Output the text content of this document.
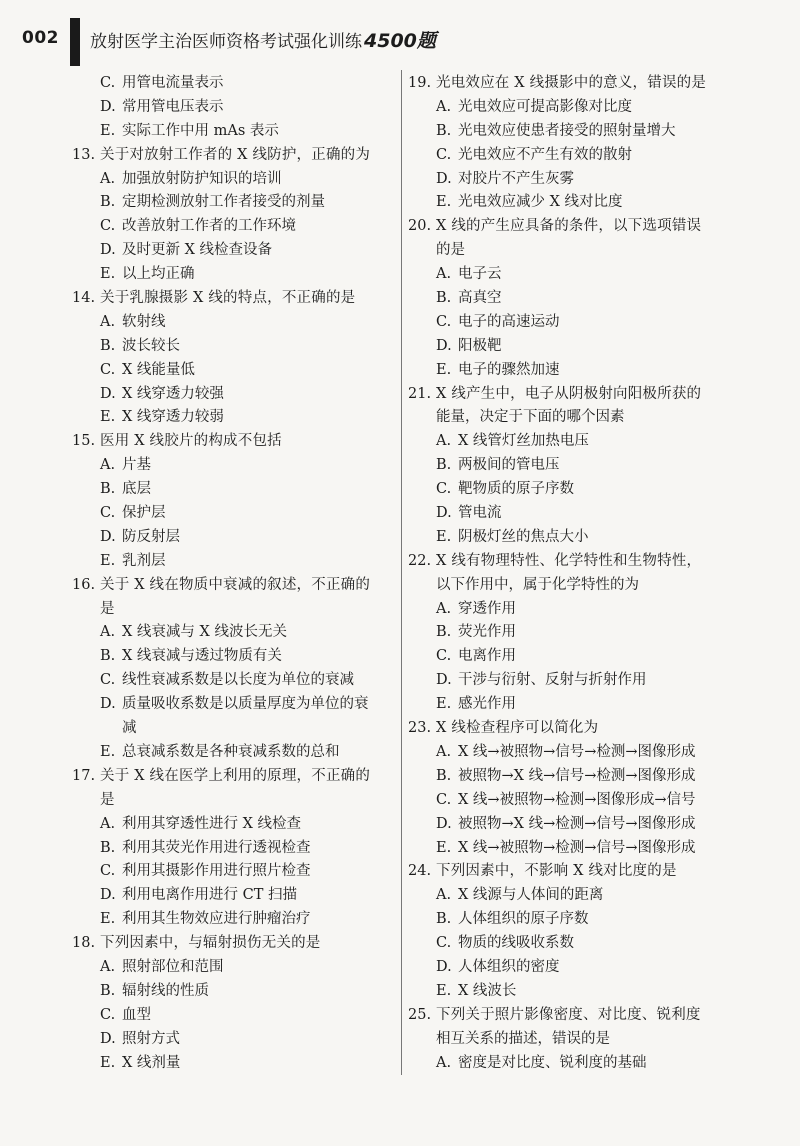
002 放射医学主治医师资格考试强化训练 4500题
C. 用管电流量表示
D. 常用管电压表示
E. 实际工作中用 mAs 表示
13. 关于对放射工作者的 X 线防护，正确的为
A. 加强放射防护知识的培训
B. 定期检测放射工作者接受的剂量
C. 改善放射工作者的工作环境
D. 及时更新 X 线检查设备
E. 以上均正确
14. 关于乳腺摄影 X 线的特点，不正确的是
A. 软射线
B. 波长较长
C. X 线能量低
D. X 线穿透力较强
E. X 线穿透力较弱
15. 医用 X 线胶片的构成不包括
A. 片基
B. 底层
C. 保护层
D. 防反射层
E. 乳剂层
16. 关于 X 线在物质中衰减的叙述，不正确的
是
A. X 线衰减与 X 线波长无关
B. X 线衰减与透过物质有关
C. 线性衰减系数是以长度为单位的衰减
D. 质量吸收系数是以质量厚度为单位的衰
减
E. 总衰减系数是各种衰减系数的总和
17. 关于 X 线在医学上利用的原理，不正确的
是
A. 利用其穿透性进行 X 线检查
B. 利用其荧光作用进行透视检查
C. 利用其摄影作用进行照片检查
D. 利用电离作用进行 CT 扫描
E. 利用其生物效应进行肿瘤治疗
18. 下列因素中，与辐射损伤无关的是
A. 照射部位和范围
B. 辐射线的性质
C. 血型
D. 照射方式
E. X 线剂量
19. 光电效应在 X 线摄影中的意义，错误的是
A. 光电效应可提高影像对比度
B. 光电效应使患者接受的照射量增大
C. 光电效应不产生有效的散射
D. 对胶片不产生灰雾
E. 光电效应减少 X 线对比度
20. X 线的产生应具备的条件，以下选项错误
的是
A. 电子云
B. 高真空
C. 电子的高速运动
D. 阳极靶
E. 电子的骤然加速
21. X 线产生中，电子从阴极射向阳极所获的
能量，决定于下面的哪个因素
A. X 线管灯丝加热电压
B. 两极间的管电压
C. 靶物质的原子序数
D. 管电流
E. 阴极灯丝的焦点大小
22. X 线有物理特性、化学特性和生物特性，
以下作用中，属于化学特性的为
A. 穿透作用
B. 荧光作用
C. 电离作用
D. 干涉与衍射、反射与折射作用
E. 感光作用
23. X 线检查程序可以简化为
A. X 线→被照物→信号→检测→图像形成
B. 被照物→X 线→信号→检测→图像形成
C. X 线→被照物→检测→图像形成→信号
D. 被照物→X 线→检测→信号→图像形成
E. X 线→被照物→检测→信号→图像形成
24. 下列因素中，不影响 X 线对比度的是
A. X 线源与人体间的距离
B. 人体组织的原子序数
C. 物质的线吸收系数
D. 人体组织的密度
E. X 线波长
25. 下列关于照片影像密度、对比度、锐利度
相互关系的描述，错误的是
A. 密度是对比度、锐利度的基础
